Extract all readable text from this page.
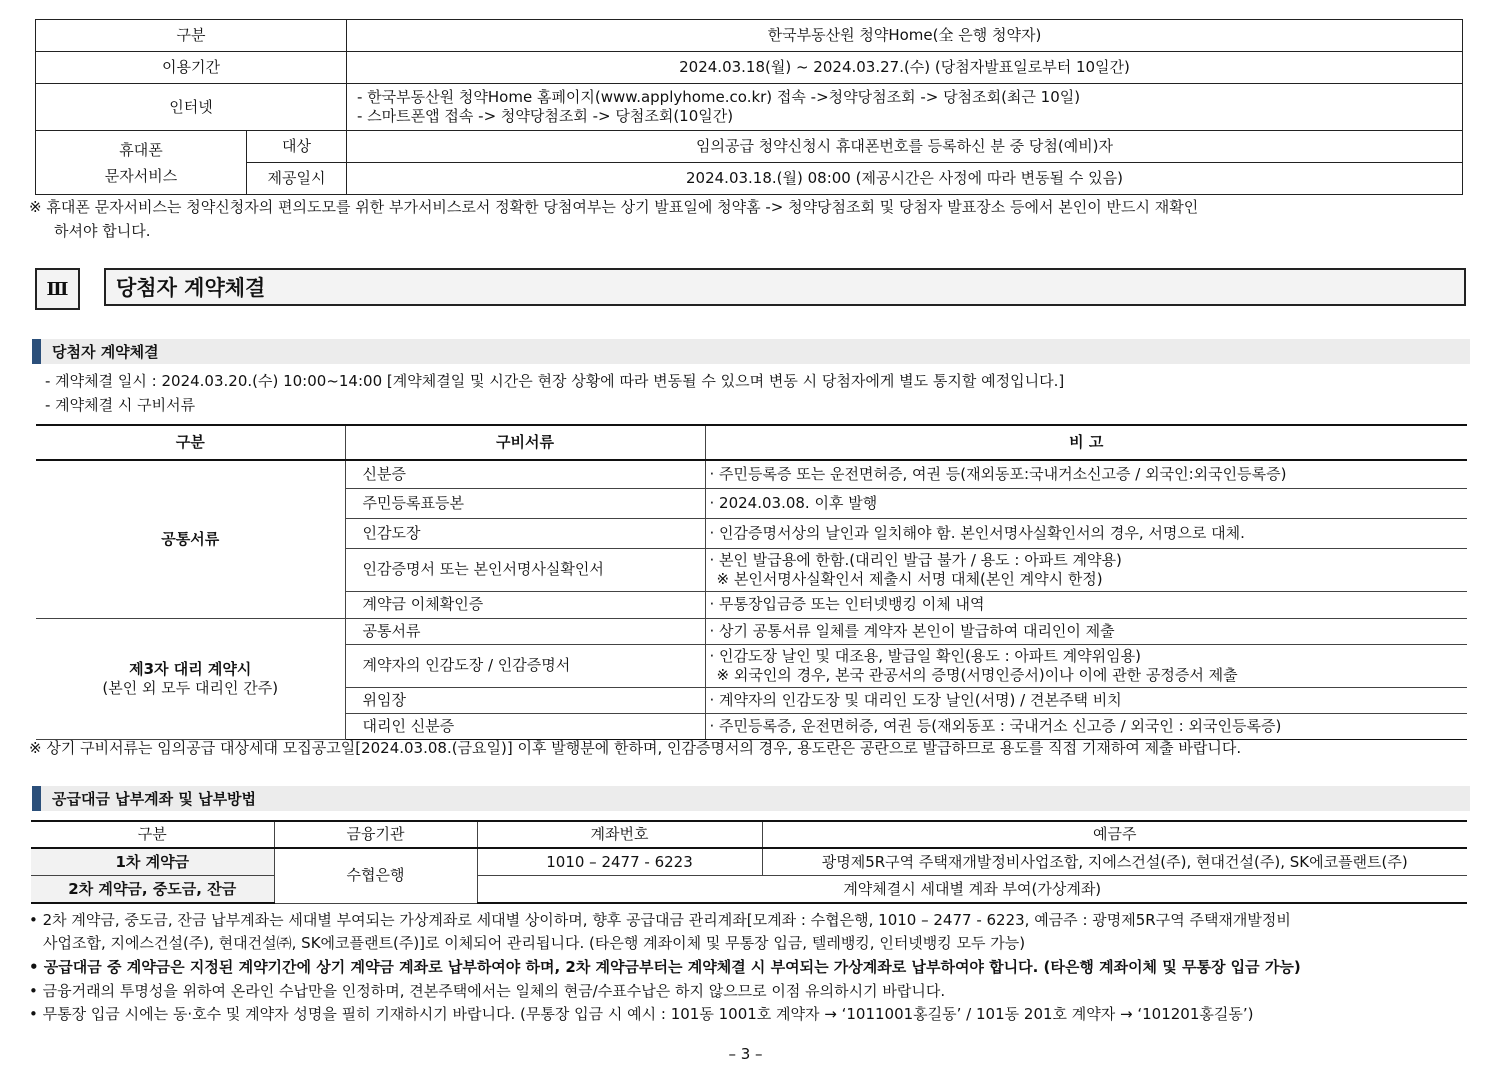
구분		한국부동산원 청약Home(全 은행 청약자)
이용기간		2024.03.18(월) ~ 2024.03.27.(수) (당첨자발표일로부터 10일간)
인터넷		- 한국부동산원 청약Home 홈페이지(www.applyhome.co.kr) 접속 ->청약당첨조회 -> 당첨조회(최근 10일)
- 스마트폰앱 접속 -> 청약당첨조회 -> 당첨조회(10일간)

휴대폰
문자서비스	대상	임의공급 청약신청시 휴대폰번호를 등록하신 분 중 당첨(예비)자
	제공일시	2024.03.18.(월) 08:00 (제공시간은 사정에 따라 변동될 수 있음)
※ 휴대폰 문자서비스는 청약신청자의 편의도모를 위한 부가서비스로서 정확한 당첨여부는 상기 발표일에 청약홈 -> 청약당첨조회 및 당첨자 발표장소 등에서 본인이 반드시 재확인
하셔야 합니다.
Ⅲ	당첨자 계약체결
당첨자 계약체결
- 계약체결 일시 : 2024.03.20.(수) 10:00~14:00 [계약체결일 및 시간은 현장 상황에 따라 변동될 수 있으며 변동 시 당첨자에게 별도 통지할 예정입니다.]
- 계약체결 시 구비서류
구분	구비서류	비 고
공통서류	신분증	· 주민등록증 또는 운전면허증, 여권 등(재외동포:국내거소신고증 / 외국인:외국인등록증)
	주민등록표등본	· 2024.03.08. 이후 발행
	인감도장	· 인감증명서상의 날인과 일치해야 함. 본인서명사실확인서의 경우, 서명으로 대체.
	인감증명서 또는 본인서명사실확인서	· 본인 발급용에 한함.(대리인 발급 불가 / 용도 : 아파트 계약용)
※ 본인서명사실확인서 제출시 서명 대체(본인 계약시 한정)

	계약금 이체확인증	· 무통장입금증 또는 인터넷뱅킹 이체 내역

제3자 대리 계약시
(본인 외 모두 대리인 간주)	공통서류	· 상기 공통서류 일체를 계약자 본인이 발급하여 대리인이 제출
	계약자의 인감도장 / 인감증명서	· 인감도장 날인 및 대조용, 발급일 확인(용도 : 아파트 계약위임용)
※ 외국인의 경우, 본국 관공서의 증명(서명인증서)이나 이에 관한 공정증서 제출

	위임장	· 계약자의 인감도장 및 대리인 도장 날인(서명) / 견본주택 비치
	대리인 신분증	· 주민등록증, 운전면허증, 여권 등(재외동포 : 국내거소 신고증 / 외국인 : 외국인등록증)
※ 상기 구비서류는 임의공급 대상세대 모집공고일[2024.03.08.(금요일)] 이후 발행분에 한하며, 인감증명서의 경우, 용도란은 공란으로 발급하므로 용도를 직접 기재하여 제출 바랍니다.
공급대금 납부계좌 및 납부방법
구분	금융기관	계좌번호	예금주
1차 계약금	수협은행	1010 – 2477 - 6223	광명제5R구역 주택재개발정비사업조합, 지에스건설(주), 현대건설(주), SK에코플랜트(주)
2차 계약금, 중도금, 잔금		계약체결시 세대별 계좌 부여(가상계좌)	
• 2차 계약금, 중도금, 잔금 납부계좌는 세대별 부여되는 가상계좌로 세대별 상이하며, 향후 공급대금 관리계좌[모계좌 : 수협은행, 1010 – 2477 - 6223, 예금주 : 광명제5R구역 주택재개발정비
사업조합, 지에스건설(주), 현대건설㈜, SK에코플랜트(주)]로 이체되어 관리됩니다. (타은행 계좌이체 및 무통장 입금, 텔레뱅킹, 인터넷뱅킹 모두 가능)
• 공급대금 중 계약금은 지정된 계약기간에 상기 계약금 계좌로 납부하여야 하며, 2차 계약금부터는 계약체결 시 부여되는 가상계좌로 납부하여야 합니다. (타은행 계좌이체 및 무통장 입금 가능)
• 금융거래의 투명성을 위하여 온라인 수납만을 인정하며, 견본주택에서는 일체의 현금/수표수납은 하지 않으므로 이점 유의하시기 바랍니다.
• 무통장 입금 시에는 동·호수 및 계약자 성명을 필히 기재하시기 바랍니다. (무통장 입금 시 예시 : 101동 1001호 계약자 → ‘1011001홍길동’ / 101동 201호 계약자 → ‘101201홍길동’)
– 3 –
